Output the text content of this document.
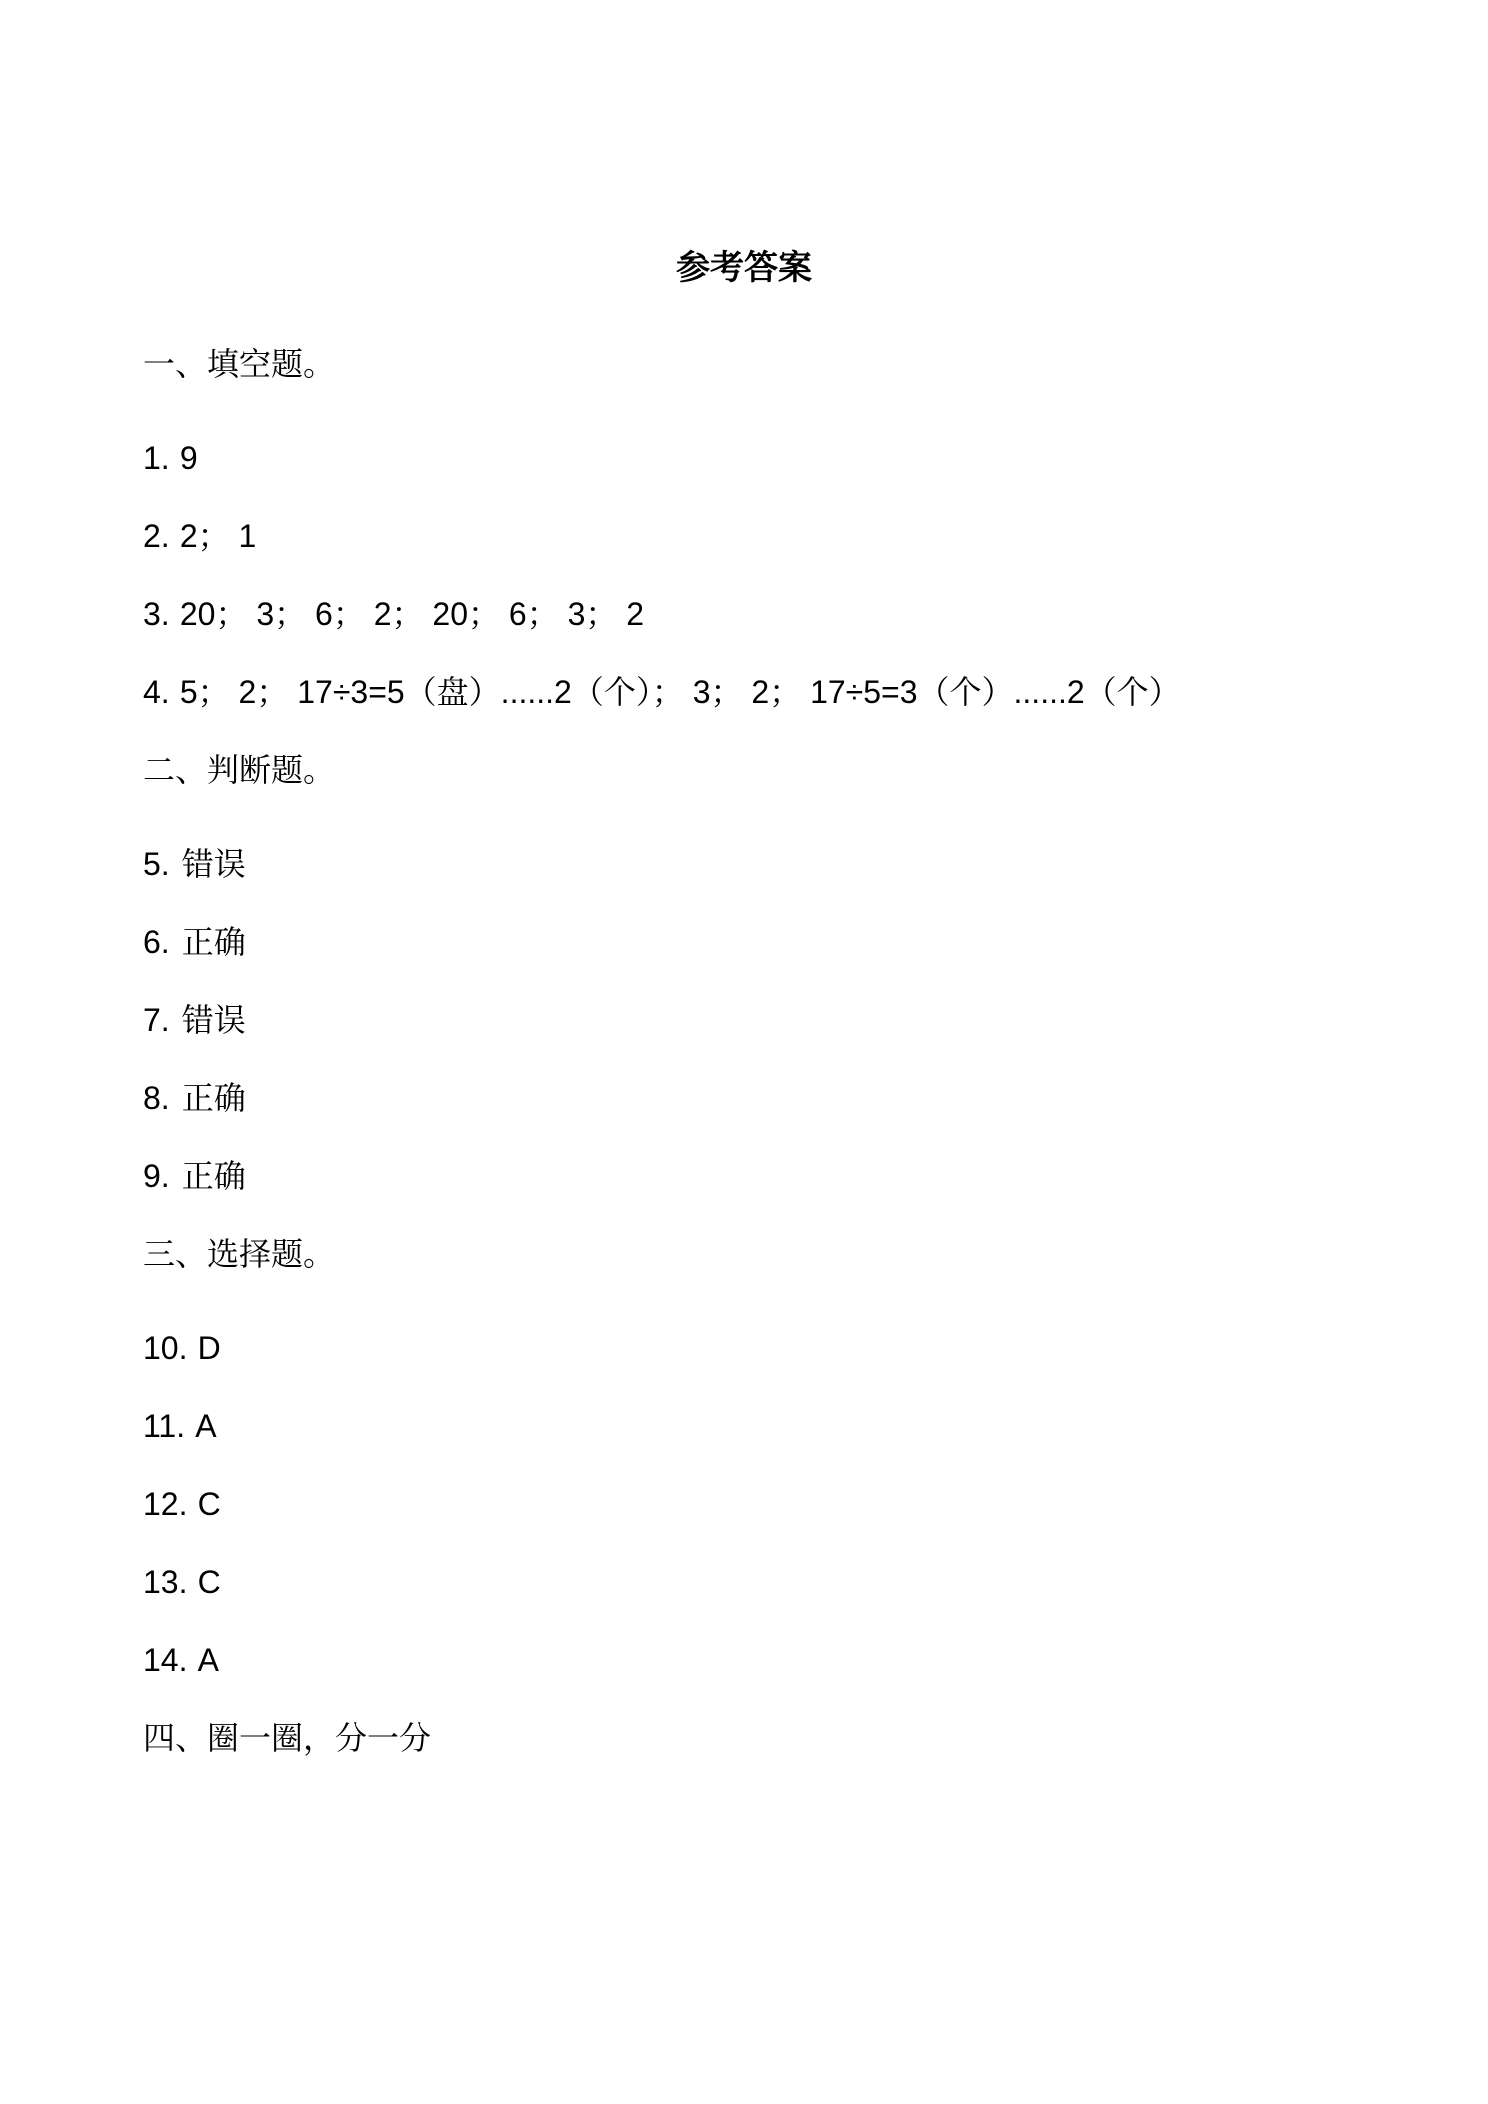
参考答案
一、填空题。
1. 9
2. 2； 1
3. 20； 3； 6； 2； 20； 6； 3； 2
4. 5； 2； 17÷3=5（盘）......2（个）； 3； 2； 17÷5=3（个）......2（个）
二、判断题。
5. 错误
6. 正确
7. 错误
8. 正确
9. 正确
三、选择题。
10. D
11. A
12. C
13. C
14. A
四、圈一圈，分一分
